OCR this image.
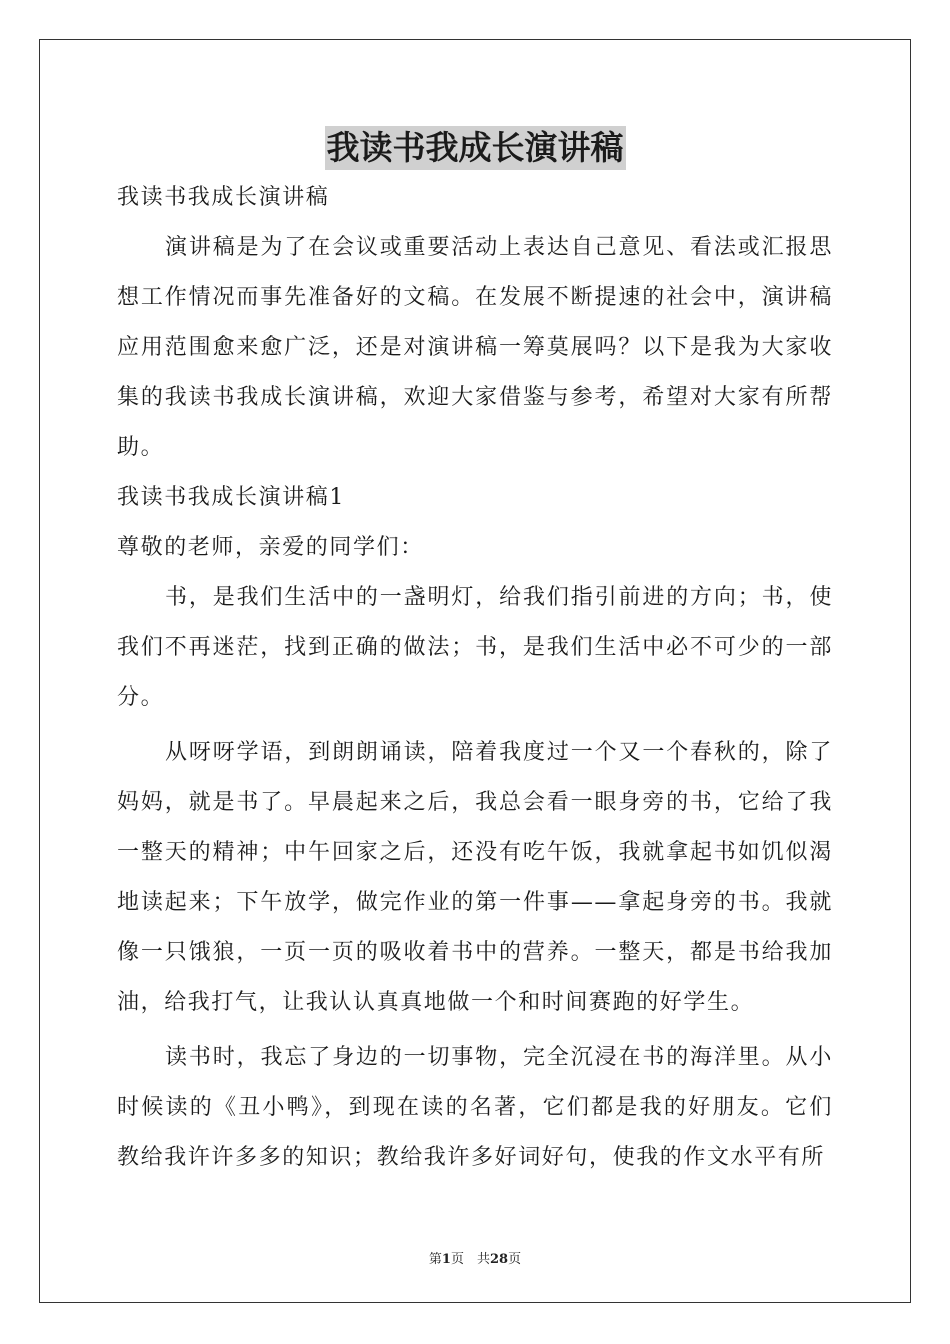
我读书我成长演讲稿

我读书我成长演讲稿

演讲稿是为了在会议或重要活动上表达自己意见、看法或汇报思想工作情况而事先准备好的文稿。在发展不断提速的社会中，演讲稿应用范围愈来愈广泛，还是对演讲稿一筹莫展吗？以下是我为大家收集的我读书我成长演讲稿，欢迎大家借鉴与参考，希望对大家有所帮助。

我读书我成长演讲稿1

尊敬的老师，亲爱的同学们：

书，是我们生活中的一盏明灯，给我们指引前进的方向；书，使我们不再迷茫，找到正确的做法；书，是我们生活中必不可少的一部分。

从呀呀学语，到朗朗诵读，陪着我度过一个又一个春秋的，除了妈妈，就是书了。早晨起来之后，我总会看一眼身旁的书，它给了我一整天的精神；中午回家之后，还没有吃午饭，我就拿起书如饥似渴地读起来；下午放学，做完作业的第一件事——拿起身旁的书。我就像一只饿狼，一页一页的吸收着书中的营养。一整天，都是书给我加油，给我打气，让我认认真真地做一个和时间赛跑的好学生。

读书时，我忘了身边的一切事物，完全沉浸在书的海洋里。从小时候读的《丑小鸭》，到现在读的名著，它们都是我的好朋友。它们教给我许许多多的知识；教给我许多好词好句，使我的作文水平有所

第1页　共28页
